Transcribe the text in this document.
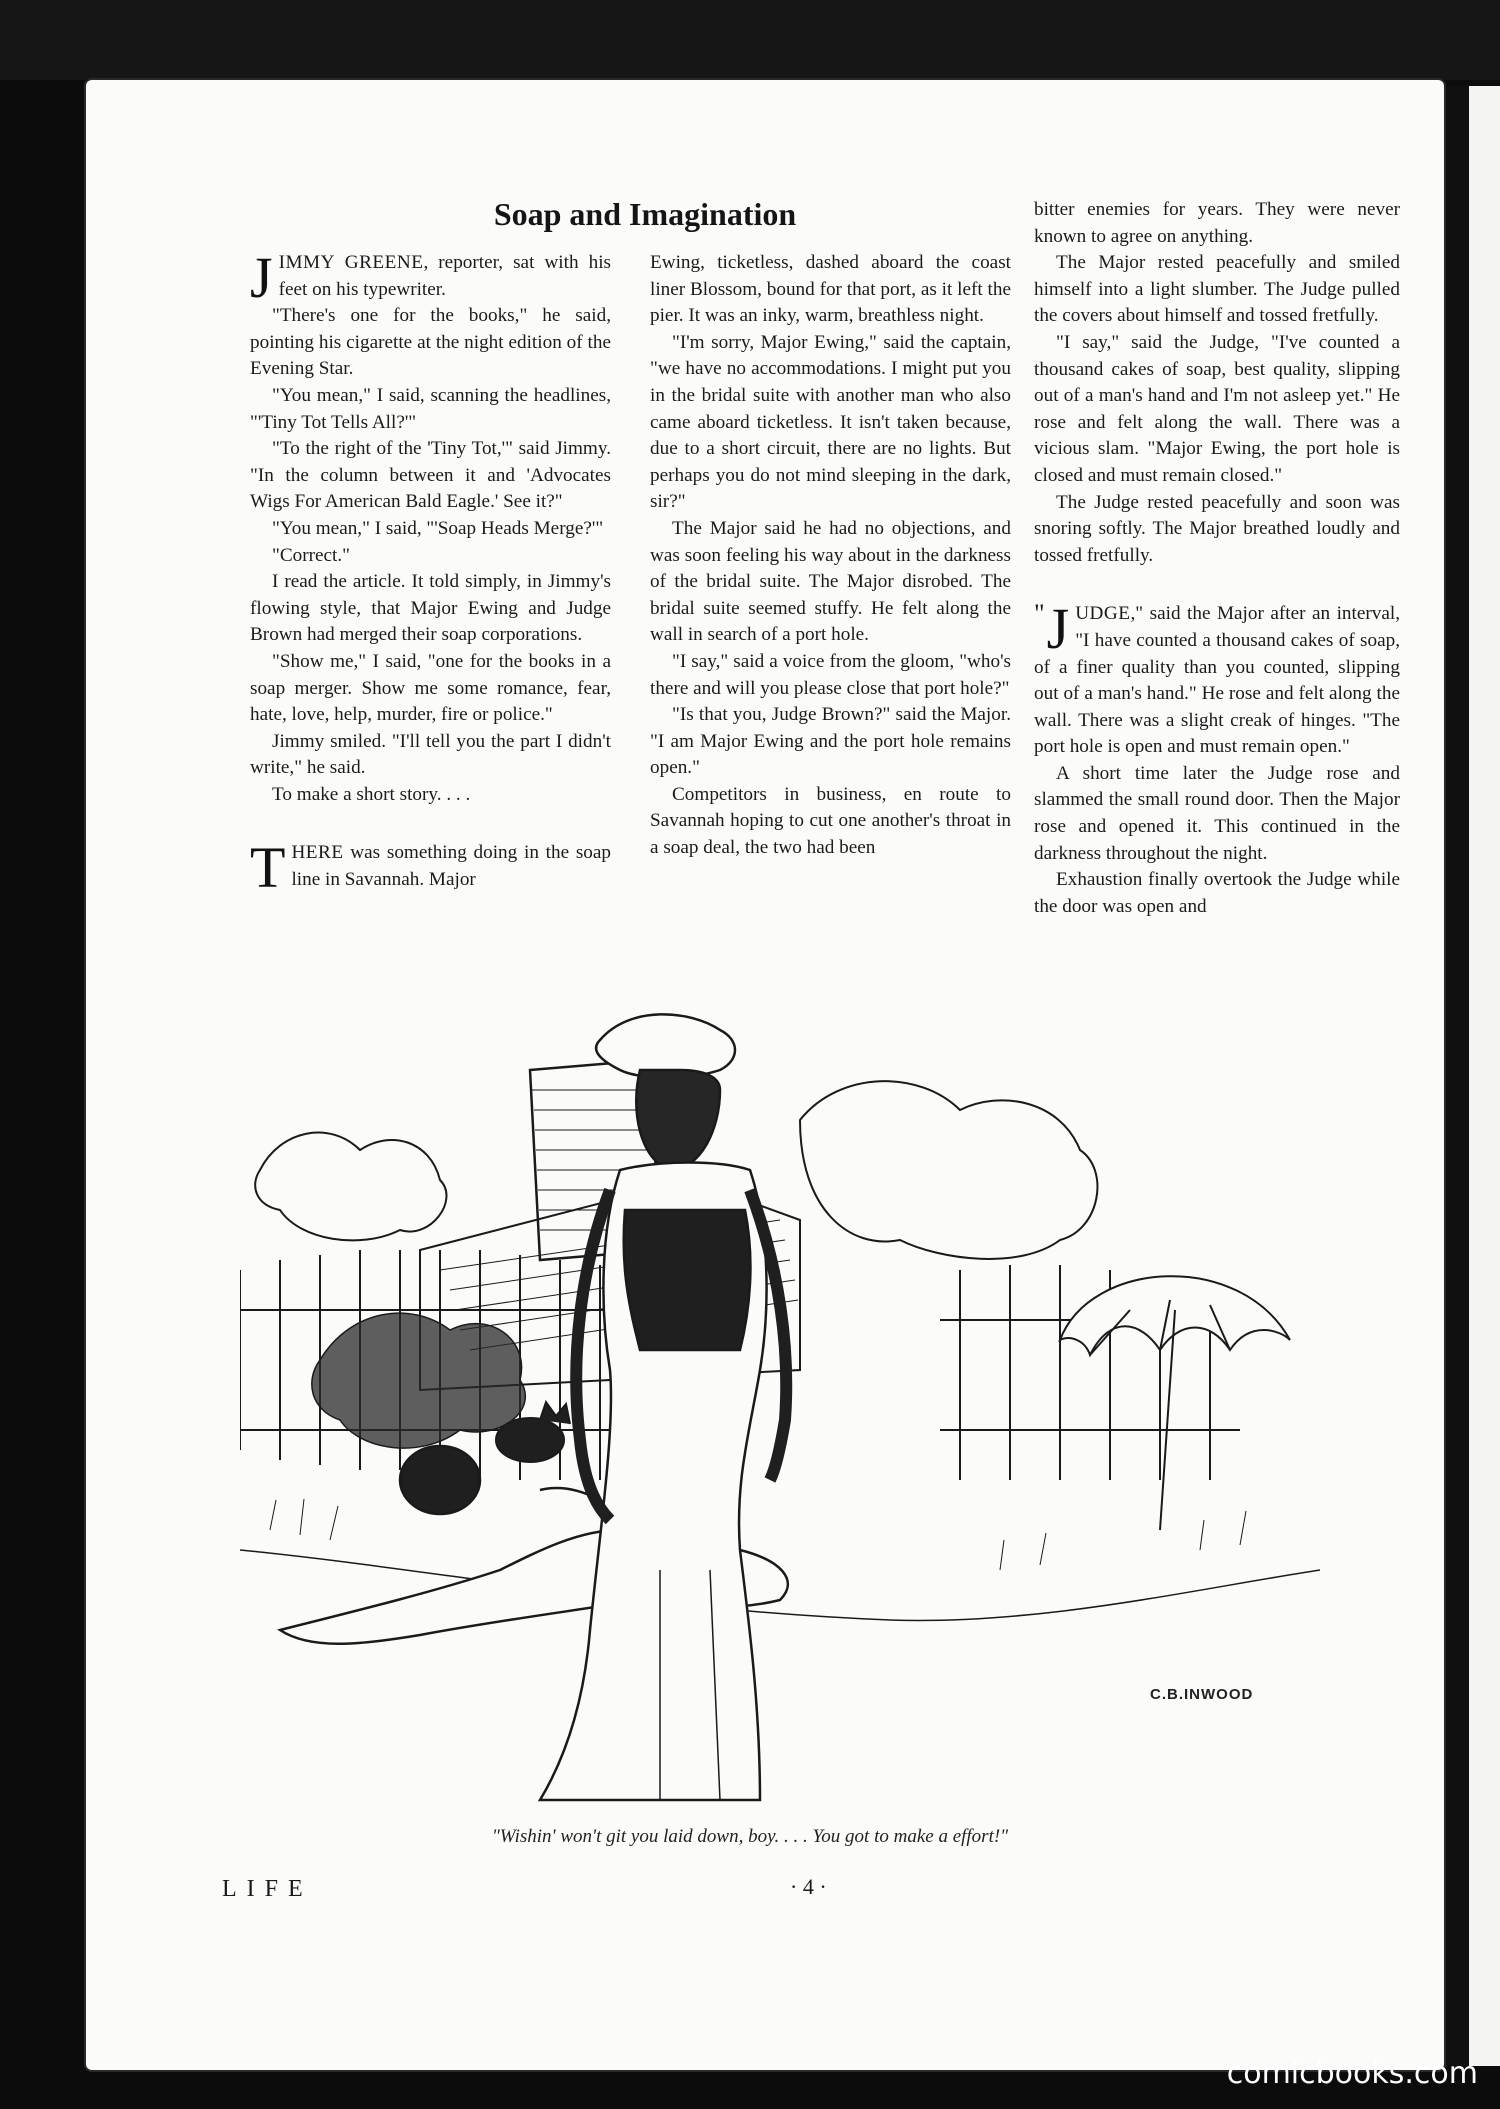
Soap and Imagination

JIMMY GREENE, reporter, sat with his feet on his typewriter.

"There's one for the books," he said, pointing his cigarette at the night edition of the Evening Star.

"You mean," I said, scanning the headlines, "'Tiny Tot Tells All?'"

"To the right of the 'Tiny Tot,'" said Jimmy. "In the column between it and 'Advocates Wigs For American Bald Eagle.' See it?"

"You mean," I said, "'Soap Heads Merge?'"

"Correct."

I read the article. It told simply, in Jimmy's flowing style, that Major Ewing and Judge Brown had merged their soap corporations.

"Show me," I said, "one for the books in a soap merger. Show me some romance, fear, hate, love, help, murder, fire or police."

Jimmy smiled. "I'll tell you the part I didn't write," he said.

To make a short story. . . .

THERE was something doing in the soap line in Savannah. Major

Ewing, ticketless, dashed aboard the coast liner Blossom, bound for that port, as it left the pier. It was an inky, warm, breathless night.

"I'm sorry, Major Ewing," said the captain, "we have no accommodations. I might put you in the bridal suite with another man who also came aboard ticketless. It isn't taken because, due to a short circuit, there are no lights. But perhaps you do not mind sleeping in the dark, sir?"

The Major said he had no objections, and was soon feeling his way about in the darkness of the bridal suite. The Major disrobed. The bridal suite seemed stuffy. He felt along the wall in search of a port hole.

"I say," said a voice from the gloom, "who's there and will you please close that port hole?"

"Is that you, Judge Brown?" said the Major. "I am Major Ewing and the port hole remains open."

Competitors in business, en route to Savannah hoping to cut one another's throat in a soap deal, the two had been

bitter enemies for years. They were never known to agree on anything.

The Major rested peacefully and smiled himself into a light slumber. The Judge pulled the covers about himself and tossed fretfully.

"I say," said the Judge, "I've counted a thousand cakes of soap, best quality, slipping out of a man's hand and I'm not asleep yet." He rose and felt along the wall. There was a vicious slam. "Major Ewing, the port hole is closed and must remain closed."

The Judge rested peacefully and soon was snoring softly. The Major breathed loudly and tossed fretfully.

" J UDGE," said the Major after an interval, "I have counted a thousand cakes of soap, of a finer quality than you counted, slipping out of a man's hand." He rose and felt along the wall. There was a slight creak of hinges. "The port hole is open and must remain open."

A short time later the Judge rose and slammed the small round door. Then the Major rose and opened it. This continued in the darkness throughout the night.

Exhaustion finally overtook the Judge while the door was open and

C.B.INWOOD
"Wishin' won't git you laid down, boy. . . . You got to make a effort!"
LIFE	· 4 ·
comicbooks.com
